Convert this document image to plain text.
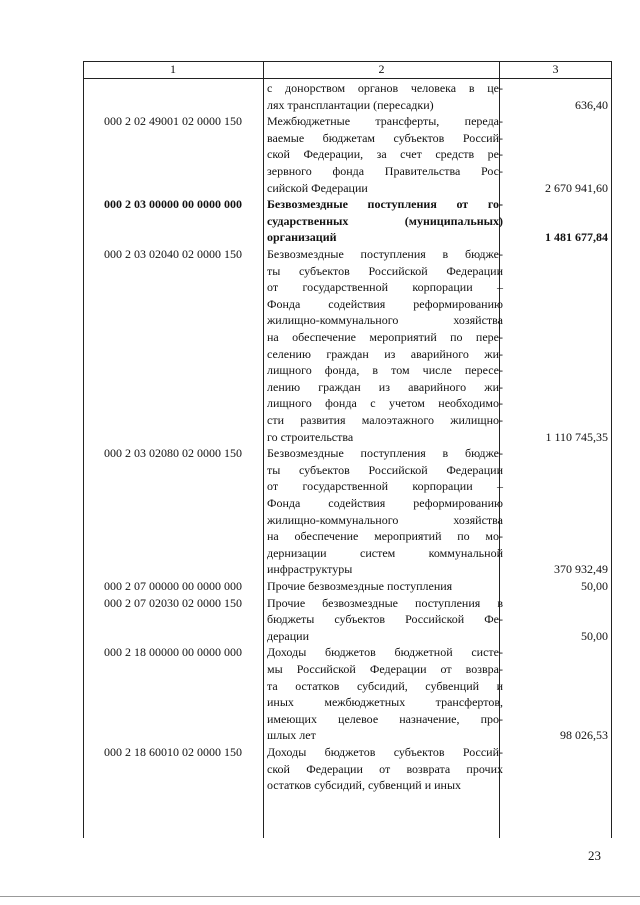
1	2	3
с донорством органов человека в це-
лях трансплантации (пересадки)	636,40
000 2 02 49001 02 0000 150	Межбюджетные трансферты, переда-
ваемые бюджетам субъектов Россий-
ской Федерации, за счет средств ре-
зервного фонда Правительства Рос-
сийской Федерации	2 670 941,60
000 2 03 00000 00 0000 000	Безвозмездные поступления от го-
сударственных (муниципальных)
организаций	1 481 677,84
000 2 03 02040 02 0000 150	Безвозмездные поступления в бюдже-
ты субъектов Российской Федерации
от государственной корпорации –
Фонда содействия реформированию
жилищно-коммунального хозяйства
на обеспечение мероприятий по пере-
селению граждан из аварийного жи-
лищного фонда, в том числе пересе-
лению граждан из аварийного жи-
лищного фонда с учетом необходимо-
сти развития малоэтажного жилищно-
го строительства	1 110 745,35
000 2 03 02080 02 0000 150	Безвозмездные поступления в бюдже-
ты субъектов Российской Федерации
от государственной корпорации –
Фонда содействия реформированию
жилищно-коммунального хозяйства
на обеспечение мероприятий по мо-
дернизации систем коммунальной
инфраструктуры	370 932,49
000 2 07 00000 00 0000 000	Прочие безвозмездные поступления	50,00
000 2 07 02030 02 0000 150	Прочие безвозмездные поступления в
бюджеты субъектов Российской Фе-
дерации	50,00
000 2 18 00000 00 0000 000	Доходы бюджетов бюджетной систе-
мы Российской Федерации от возвра-
та остатков субсидий, субвенций и
иных межбюджетных трансфертов,
имеющих целевое назначение, про-
шлых лет	98 026,53
000 2 18 60010 02 0000 150	Доходы бюджетов субъектов Россий-
ской Федерации от возврата прочих
остатков субсидий, субвенций и иных
23
